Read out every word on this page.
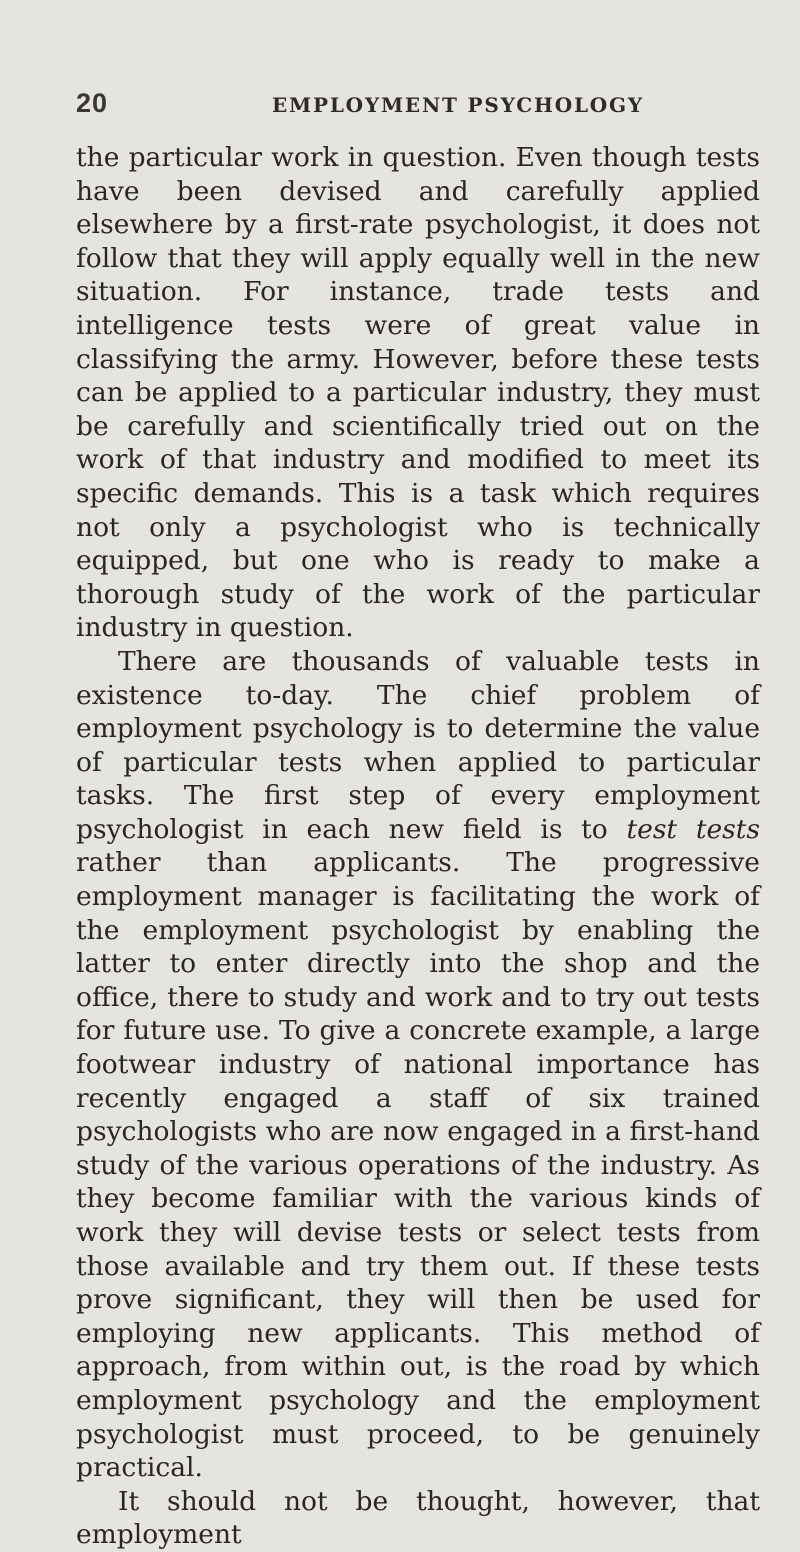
20	EMPLOYMENT PSYCHOLOGY

the particular work in question. Even though tests have been devised and carefully applied elsewhere by a first-rate psychologist, it does not follow that they will apply equally well in the new situation. For instance, trade tests and intelligence tests were of great value in classifying the army. However, before these tests can be applied to a particular industry, they must be carefully and scientifically tried out on the work of that industry and modified to meet its specific demands. This is a task which requires not only a psychologist who is technically equipped, but one who is ready to make a thorough study of the work of the particular industry in question.

There are thousands of valuable tests in existence to-day. The chief problem of employment psychology is to determine the value of particular tests when applied to particular tasks. The first step of every employment psychologist in each new field is to test tests rather than applicants. The progressive employment manager is facilitating the work of the employment psychologist by enabling the latter to enter directly into the shop and the office, there to study and work and to try out tests for future use. To give a concrete example, a large footwear industry of national importance has recently engaged a staff of six trained psychologists who are now engaged in a first-hand study of the various operations of the industry. As they become familiar with the various kinds of work they will devise tests or select tests from those available and try them out. If these tests prove significant, they will then be used for employing new applicants. This method of approach, from within out, is the road by which employment psychology and the employment psychologist must proceed, to be genuinely practical.

It should not be thought, however, that employment
